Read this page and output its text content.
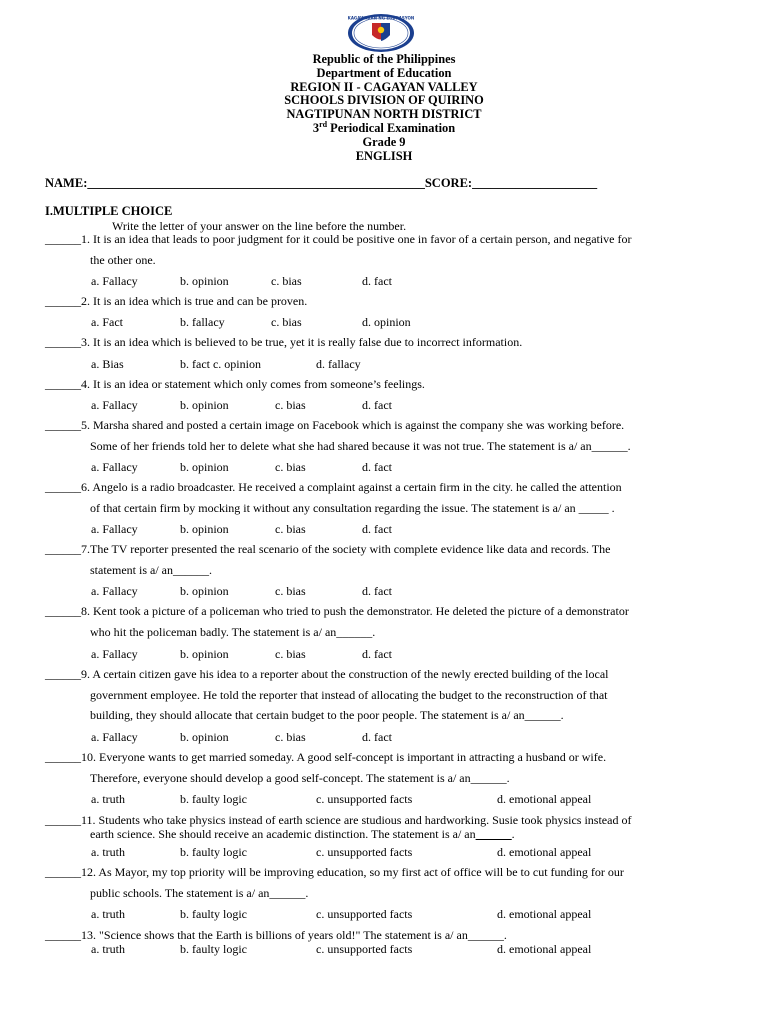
KAGAWARAN NG EDUKASYON
Republic of the Philippines
Department of Education
REGION II - CAGAYAN VALLEY
SCHOOLS DIVISION OF QUIRINO
NAGTIPUNAN NORTH DISTRICT
3rd Periodical Examination
Grade 9
ENGLISH
NAME:______________________________________________________SCORE:____________________
I.MULTIPLE CHOICE
Write the letter of your answer on the line before the number.
______1. It is an idea that leads to poor judgment for it could be positive one in favor of a certain person, and negative for
the other one.
a. Fallacy	b. opinion	c. bias	d. fact
______2. It is an idea which is true and can be proven.
a. Fact	b. fallacy	c. bias	d. opinion
______3. It is an idea which is believed to be true, yet it is really false due to incorrect information.
a. Bias	b. fact c. opinion	d. fallacy
______4. It is an idea or statement which only comes from someone’s feelings.
a. Fallacy	b. opinion	c. bias	d. fact
______5. Marsha shared and posted a certain image on Facebook which is against the company she was working before.
Some of her friends told her to delete what she had shared because it was not true. The statement is a/ an______.
a. Fallacy	b. opinion	c. bias	d. fact
______6. Angelo is a radio broadcaster. He received a complaint against a certain firm in the city. he called the attention
of that certain firm by mocking it without any consultation regarding the issue. The statement is a/ an _____ .
a. Fallacy	b. opinion	c. bias	d. fact
______7.The TV reporter presented the real scenario of the society with complete evidence like data and records. The
statement is a/ an______.
a. Fallacy	b. opinion	c. bias	d. fact
______8. Kent took a picture of a policeman who tried to push the demonstrator. He deleted the picture of a demonstrator
who hit the policeman badly. The statement is a/ an______.
a. Fallacy	b. opinion	c. bias	d. fact
______9. A certain citizen gave his idea to a reporter about the construction of the newly erected building of the local
government employee. He told the reporter that instead of allocating the budget to the reconstruction of that
building, they should allocate that certain budget to the poor people. The statement is a/ an______.
a. Fallacy	b. opinion	c. bias	d. fact
______10. Everyone wants to get married someday. A good self-concept is important in attracting a husband or wife.
Therefore, everyone should develop a good self-concept. The statement is a/ an______.
a. truth	b. faulty logic	c. unsupported facts	d. emotional appeal
______11. Students who take physics instead of earth science are studious and hardworking. Susie took physics instead of
earth science. She should receive an academic distinction. The statement is a/ an______.
a. truth	b. faulty logic	c. unsupported facts	d. emotional appeal
______12. As Mayor, my top priority will be improving education, so my first act of office will be to cut funding for our
public schools. The statement is a/ an______.
a. truth	b. faulty logic	c. unsupported facts	d. emotional appeal
______13. "Science shows that the Earth is billions of years old!" The statement is a/ an______.
a. truth	b. faulty logic	c. unsupported facts	d. emotional appeal
